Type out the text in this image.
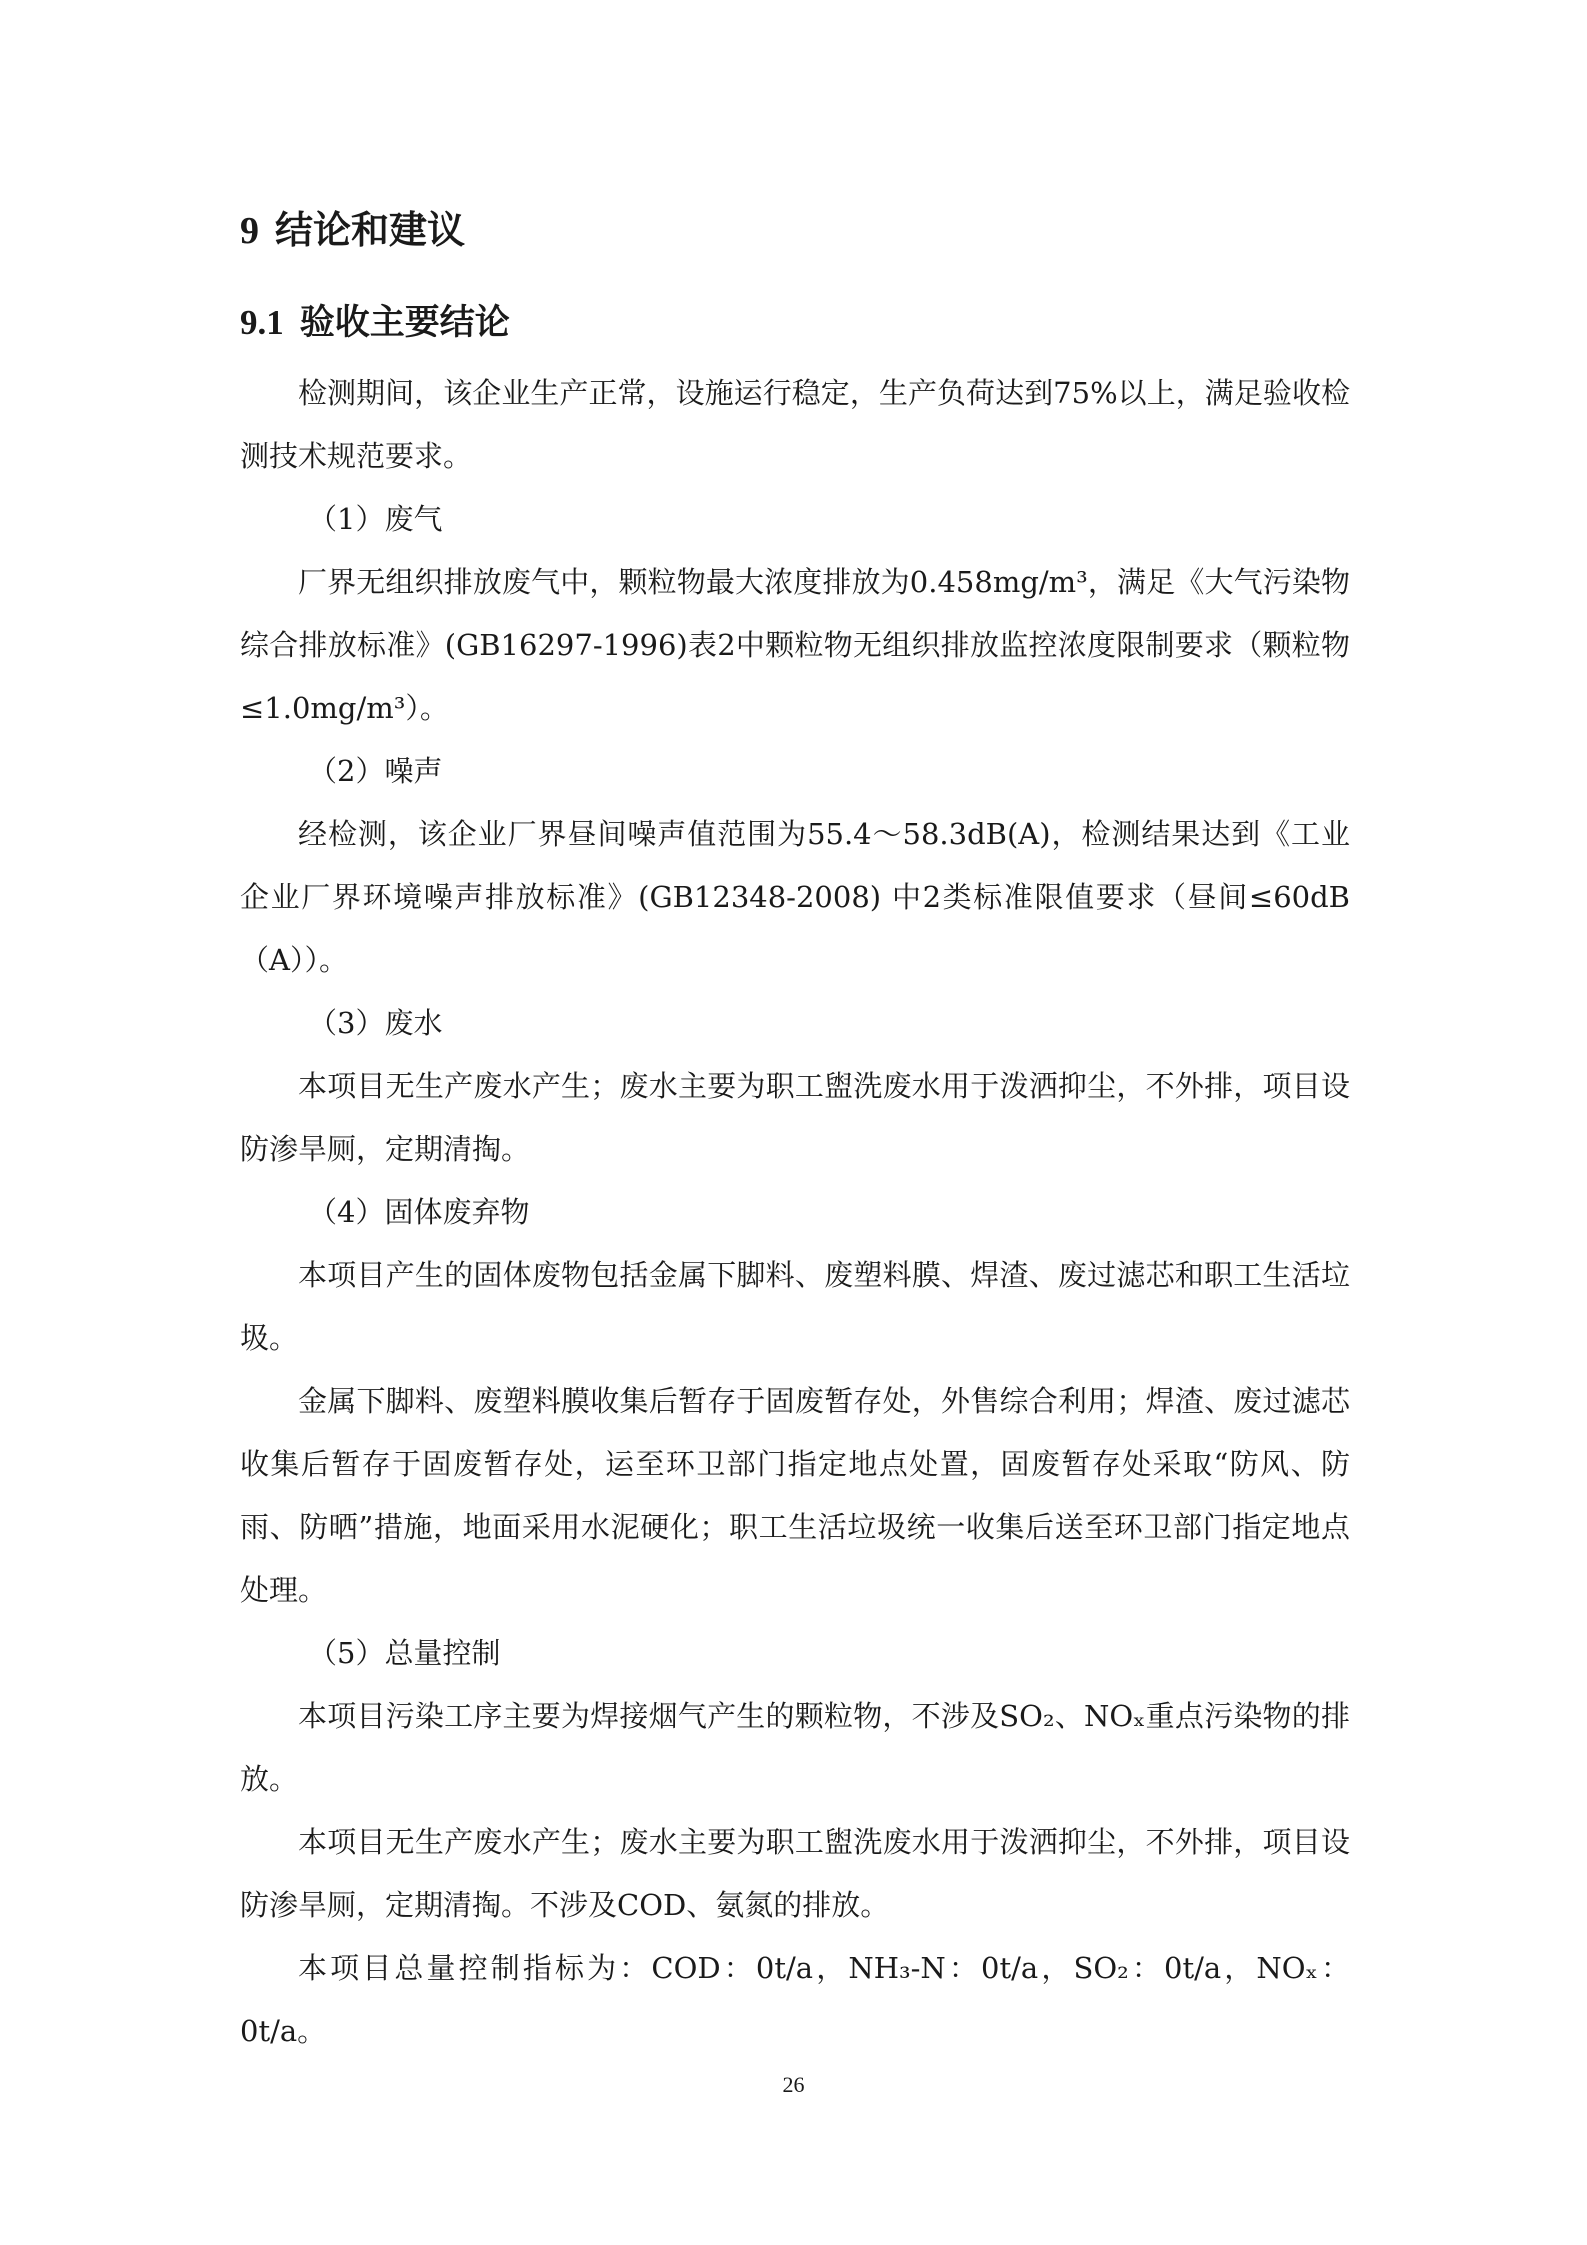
9 结论和建议
9.1 验收主要结论

检测期间，该企业生产正常，设施运行稳定，生产负荷达到75%以上，满足验收检测技术规范要求。

（1）废气

厂界无组织排放废气中，颗粒物最大浓度排放为0.458mg/m³，满足《大气污染物综合排放标准》(GB16297-1996)表2中颗粒物无组织排放监控浓度限制要求（颗粒物≤1.0mg/m³）。

（2）噪声

经检测，该企业厂界昼间噪声值范围为55.4～58.3dB(A)，检测结果达到《工业企业厂界环境噪声排放标准》(GB12348-2008) 中2类标准限值要求（昼间≤60dB（A））。

（3）废水

本项目无生产废水产生；废水主要为职工盥洗废水用于泼洒抑尘，不外排，项目设防渗旱厕，定期清掏。

（4）固体废弃物

本项目产生的固体废物包括金属下脚料、废塑料膜、焊渣、废过滤芯和职工生活垃圾。

金属下脚料、废塑料膜收集后暂存于固废暂存处，外售综合利用；焊渣、废过滤芯收集后暂存于固废暂存处，运至环卫部门指定地点处置，固废暂存处采取“防风、防雨、防晒”措施，地面采用水泥硬化；职工生活垃圾统一收集后送至环卫部门指定地点处理。

（5）总量控制

本项目污染工序主要为焊接烟气产生的颗粒物，不涉及SO₂、NOₓ重点污染物的排放。

本项目无生产废水产生；废水主要为职工盥洗废水用于泼洒抑尘，不外排，项目设防渗旱厕，定期清掏。不涉及COD、氨氮的排放。

本项目总量控制指标为：COD：0t/a，NH₃-N：0t/a，SO₂：0t/a，NOₓ：0t/a。

26
